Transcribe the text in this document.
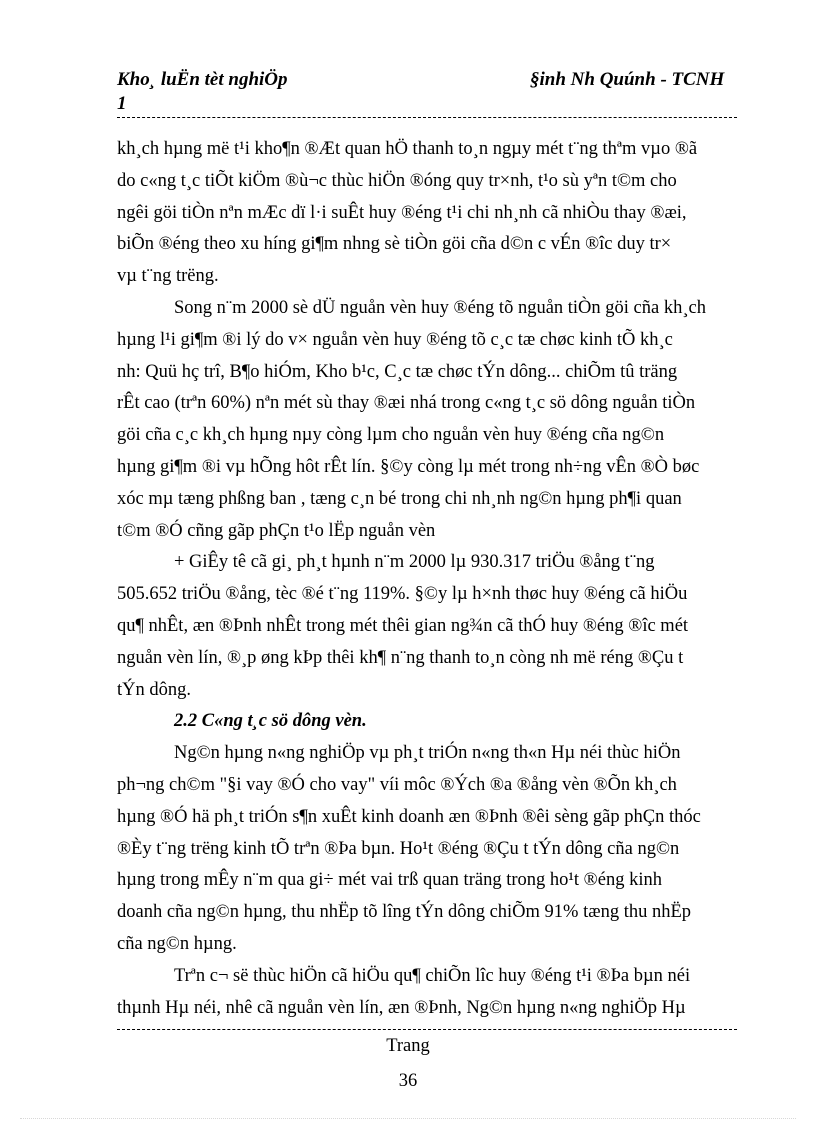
Kho¸ luËn tèt nghiÖp
1
§inh Nh Quúnh - TCNH
kh¸ch hµng më t¹i kho¶n ®Æt quan hÖ thanh to¸n ngµy mét t¨ng thªm vµo ®ã
do c«ng t¸c tiÕt kiÖm ®ù¬c thùc hiÖn ®óng quy tr×nh, t¹o sù yªn t©m cho
ngêi göi tiÒn nªn mÆc dï l·i suÊt huy ®éng t¹i chi nh¸nh cã nhiÒu thay ®æi,
biÕn ®éng theo xu híng gi¶m nhng sè tiÒn göi cña d©n c vÉn ®îc duy tr×
vµ t¨ng trëng.
Song n¨m 2000 sè dÜ nguån vèn huy ®éng tõ nguån tiÒn göi cña kh¸ch
hµng l¹i gi¶m ®i lý do v× nguån vèn huy ®éng tõ c¸c tæ chøc kinh tÕ kh¸c
nh: Quü hç trî, B¶o hiÓm, Kho b¹c, C¸c tæ chøc tÝn dông... chiÕm tû träng
rÊt cao (trªn 60%) nªn mét sù thay ®æi nhá trong c«ng t¸c sö dông nguån tiÒn
göi cña c¸c kh¸ch hµng nµy còng lµm cho nguån vèn huy ®éng cña ng©n
hµng gi¶m ®i vµ hÕng hôt rÊt lín. §©y còng lµ mét trong nh÷ng vÊn ®Ò bøc
xóc mµ tæng phßng ban , tæng c¸n bé trong chi nh¸nh ng©n hµng ph¶i quan
t©m ®Ó cñng gãp phÇn t¹o lËp nguån vèn
+ GiÊy tê cã gi¸ ph¸t hµnh n¨m 2000 lµ 930.317 triÖu ®ång t¨ng
505.652 triÖu ®ång, tèc ®é t¨ng 119%. §©y lµ h×nh thøc huy ®éng cã hiÖu
qu¶ nhÊt, æn ®Þnh nhÊt trong mét thêi gian ng¾n cã thÓ huy ®éng ®îc mét
nguån vèn lín, ®¸p øng kÞp thêi kh¶ n¨ng thanh to¸n còng nh më réng ®Çu t
tÝn dông.
2.2 C«ng t¸c sö dông vèn.
Ng©n hµng n«ng nghiÖp vµ ph¸t triÓn n«ng th«n Hµ néi thùc hiÖn
ph¬ng ch©m "§i vay ®Ó cho vay" víi môc ®Ých ®a ®ång vèn ®Õn kh¸ch
hµng ®Ó hä ph¸t triÓn s¶n xuÊt kinh doanh æn ®Þnh ®êi sèng gãp phÇn thóc
®Èy t¨ng trëng kinh tÕ trªn ®Þa bµn. Ho¹t ®éng ®Çu t tÝn dông cña ng©n
hµng trong mÊy n¨m qua gi÷ mét vai trß quan träng trong ho¹t ®éng kinh
doanh cña ng©n hµng, thu nhËp tõ lîng tÝn dông chiÕm 91% tæng thu nhËp
cña ng©n hµng.
Trªn c¬ së thùc hiÖn cã hiÖu qu¶ chiÕn lîc huy ®éng t¹i ®Þa bµn néi
thµnh Hµ néi, nhê cã nguån vèn lín, æn ®Þnh, Ng©n hµng n«ng nghiÖp Hµ
Trang
36
